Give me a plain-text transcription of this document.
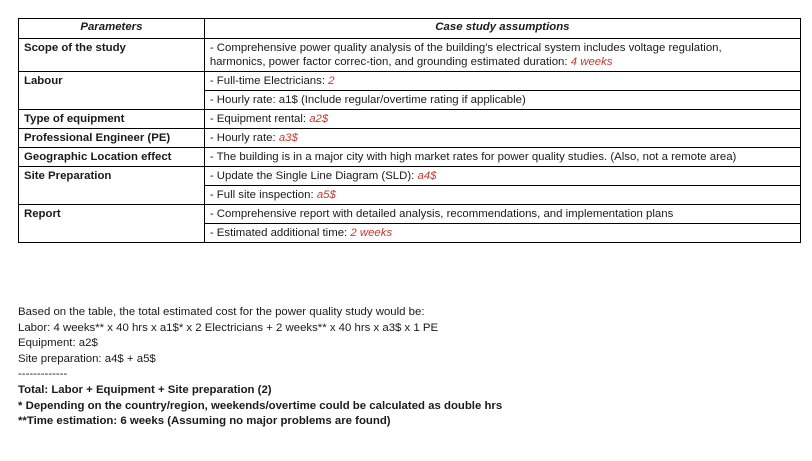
Parameters	Case study assumptions
Scope of the study	- Comprehensive power quality analysis of the building's electrical system includes voltage regulation,
harmonics, power factor correc-tion, and grounding estimated duration: 4 weeks

Labour	- Full-time Electricians: 2
	- Hourly rate: a1$ (Include regular/overtime rating if applicable)
Type of equipment	- Equipment rental: a2$
Professional Engineer (PE)	- Hourly rate: a3$
Geographic Location effect	- The building is in a major city with high market rates for power quality studies. (Also, not a remote area)
Site Preparation	- Update the Single Line Diagram (SLD): a4$
	- Full site inspection: a5$
Report	- Comprehensive report with detailed analysis, recommendations, and implementation plans
	- Estimated additional time: 2 weeks
Based on the table, the total estimated cost for the power quality study would be:
Labor: 4 weeks** x 40 hrs x a1$* x 2 Electricians + 2 weeks** x 40 hrs x a3$ x 1 PE
Equipment: a2$
Site preparation: a4$ + a5$
-------------
Total: Labor + Equipment + Site preparation (2)
* Depending on the country/region, weekends/overtime could be calculated as double hrs
**Time estimation: 6 weeks (Assuming no major problems are found)
